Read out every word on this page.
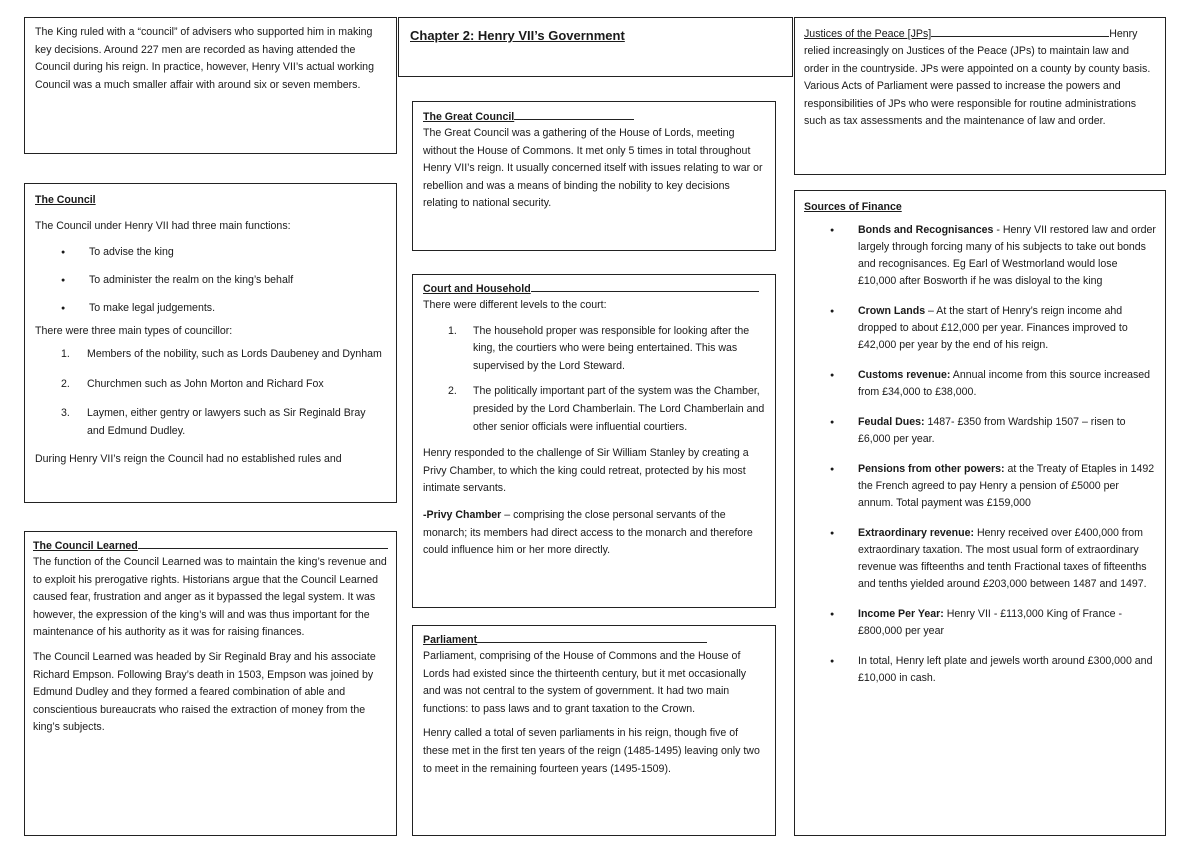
The King ruled with a “council” of advisers who supported him in making key decisions. Around 227 men are recorded as having attended the Council during his reign. In practice, however, Henry VII’s actual working Council was a much smaller affair with around six or seven members.

Chapter 2: Henry VII’s Government

The Council

The Council under Henry VII had three main functions:

● To advise the king
● To administer the realm on the king’s behalf
● To make legal judgements.

There were three main types of councillor:

1. Members of the nobility, such as Lords Daubeney and Dynham
2. Churchmen such as John Morton and Richard Fox
3. Laymen, either gentry or lawyers such as Sir Reginald Bray and Edmund Dudley.

During Henry VII’s reign the Council had no established rules and

The Council Learned

The function of the Council Learned was to maintain the king’s revenue and to exploit his prerogative rights. Historians argue that the Council Learned caused fear, frustration and anger as it bypassed the legal system. It was however, the expression of the king’s will and was thus important for the maintenance of his authority as it was for raising finances.

The Council Learned was headed by Sir Reginald Bray and his associate Richard Empson. Following Bray’s death in 1503, Empson was joined by Edmund Dudley and they formed a feared combination of able and conscientious bureaucrats who raised the extraction of money from the king’s subjects.

The Great Council

The Great Council was a gathering of the House of Lords, meeting without the House of Commons. It met only 5 times in total throughout Henry VII’s reign. It usually concerned itself with issues relating to war or rebellion and was a means of binding the nobility to key decisions relating to national security.

Court and Household

There were different levels to the court:

1. The household proper was responsible for looking after the king, the courtiers who were being entertained. This was supervised by the Lord Steward.
2. The politically important part of the system was the Chamber, presided by the Lord Chamberlain. The Lord Chamberlain and other senior officials were influential courtiers.

Henry responded to the challenge of Sir William Stanley by creating a Privy Chamber, to which the king could retreat, protected by his most intimate servants.

-Privy Chamber – comprising the close personal servants of the monarch; its members had direct access to the monarch and therefore could influence him or her more directly.

Parliament

Parliament, comprising of the House of Commons and the House of Lords had existed since the thirteenth century, but it met occasionally and was not central to the system of government. It had two main functions: to pass laws and to grant taxation to the Crown.

Henry called a total of seven parliaments in his reign, though five of these met in the first ten years of the reign (1485-1495) leaving only two to meet in the remaining fourteen years (1495-1509).

Justices of the Peace [JPs]	Henry

relied increasingly on Justices of the Peace (JPs) to maintain law and order in the countryside. JPs were appointed on a county by county basis. Various Acts of Parliament were passed to increase the powers and responsibilities of JPs who were responsible for routine administrations such as tax assessments and the maintenance of law and order.

Sources of Finance

● Bonds and Recognisances - Henry VII restored law and order largely through forcing many of his subjects to take out bonds and recognisances. Eg Earl of Westmorland would lose £10,000 after Bosworth if he was disloyal to the king
● Crown Lands – At the start of Henry’s reign income ahd dropped to about £12,000 per year. Finances improved to £42,000 per year by the end of his reign.
● Customs revenue: Annual income from this source increased from £34,000 to £38,000.
● Feudal Dues: 1487- £350 from Wardship 1507 – risen to £6,000 per year.
● Pensions from other powers: at the Treaty of Etaples in 1492 the French agreed to pay Henry a pension of £5000 per annum. Total payment was £159,000
● Extraordinary revenue: Henry received over £400,000 from extraordinary taxation. The most usual form of extraordinary revenue was fifteenths and tenth Fractional taxes of fifteenths and tenths yielded around £203,000 between 1487 and 1497.
● Income Per Year: Henry VII - £113,000 King of France - £800,000 per year
● In total, Henry left plate and jewels worth around £300,000 and £10,000 in cash.
